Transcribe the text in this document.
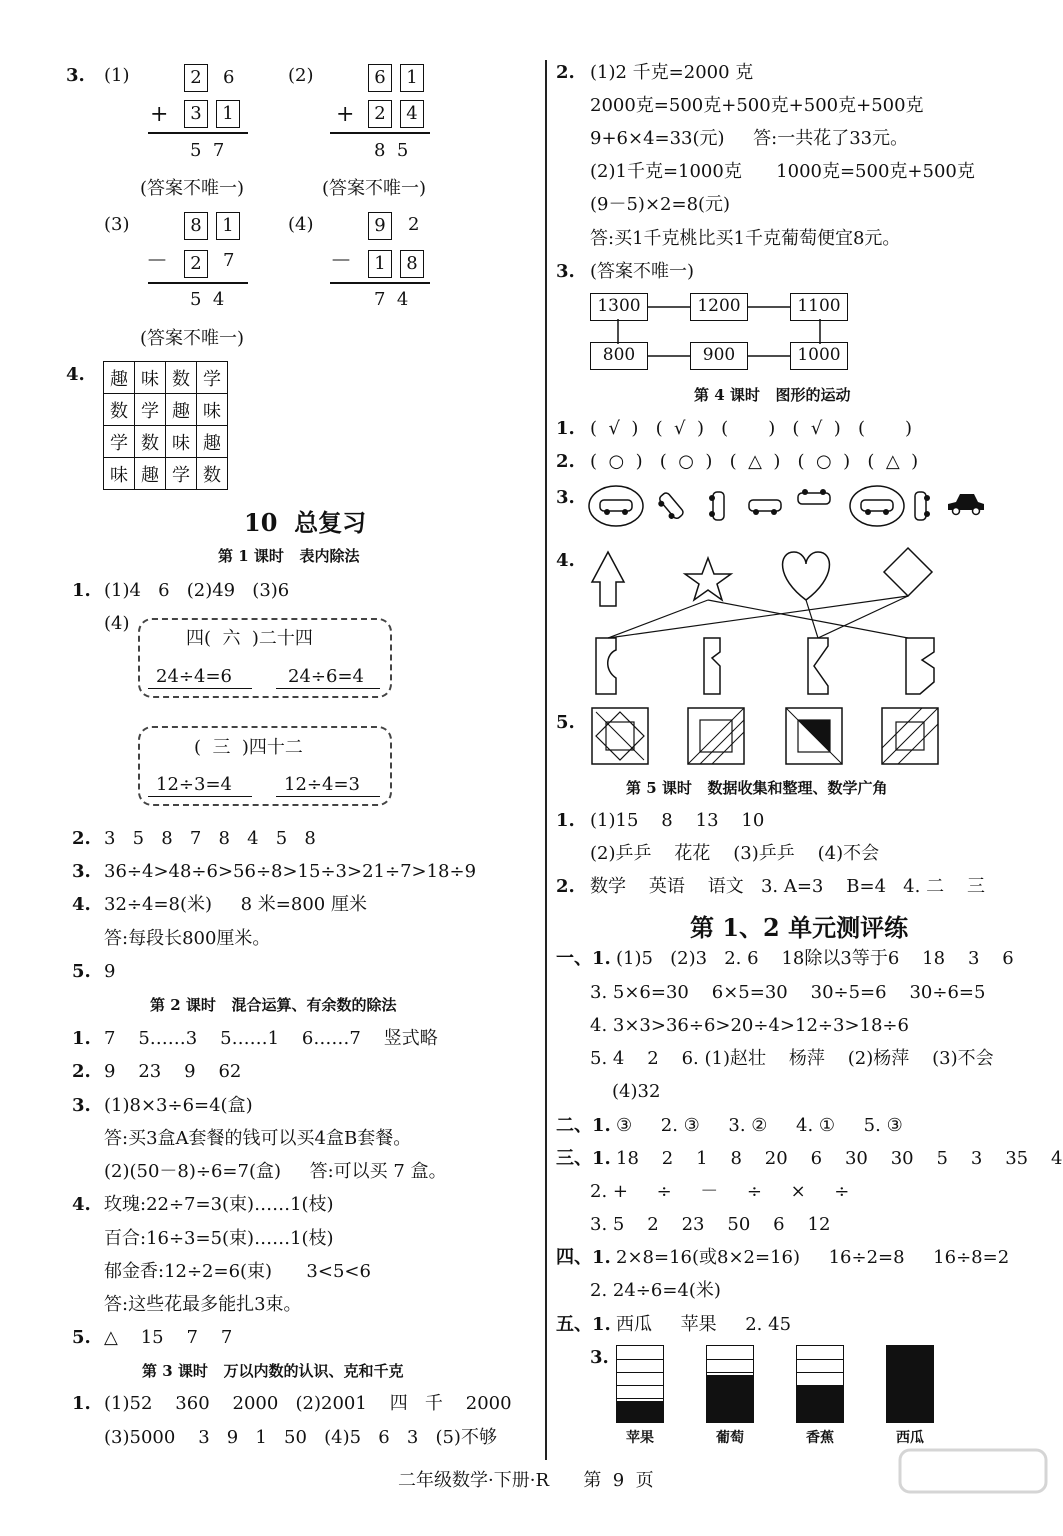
3. (1)	2	6
+	3	1
5  7
(2)	6	1
+	2	4
8  5
(答案不唯一)	(答案不唯一)
(3)	8	1
－	2	7
5  4
(4)	9	2
－	1	8
7  4
(答案不唯一)
4. 趣	味	数	学
数	学	趣	味
学	数	味	趣
味	趣	学	数
10  总复习
第 1 课时   表内除法
1. (1)4   6   (2)49   (3)6
(4)
四(  六  )二十四
24÷4=6	24÷6=4
(  三  )四十二
12÷3=4	12÷4=3
2. 3   5   8   7   8   4   5   8
3. 36÷4>48÷6>56÷8>15÷3>21÷7>18÷9
4. 32÷4=8(米)     8 米=800 厘米
答:每段长800厘米。
5. 9
第 2 课时   混合运算、有余数的除法
1. 7    5……3    5……1    6……7    竖式略
2. 9    23    9    62
3. (1)8×3÷6=4(盒)
答:买3盒A套餐的钱可以买4盒B套餐。
(2)(50－8)÷6=7(盒)     答:可以买 7 盒。
4. 玫瑰:22÷7=3(束)……1(枝)
百合:16÷3=5(束)……1(枝)
郁金香:12÷2=6(束)      3<5<6
答:这些花最多能扎3束。
5. △    15    7    7
第 3 课时   万以内数的认识、克和千克
1. (1)52    360    2000   (2)2001    四   千    2000
(3)5000    3   9   1   50   (4)5   6   3   (5)不够
2. (1)2 千克=2000 克
2000克=500克+500克+500克+500克
9+6×4=33(元)     答:一共花了33元。
(2)1千克=1000克      1000克=500克+500克
(9－5)×2=8(元)
答:买1千克桃比买1千克葡萄便宜8元。
3. (答案不唯一)
1300	1200	1100
800	900	1000
第 4 课时   图形的运动
1. (  √  )   (  √  )   (       )   (  √  )   (       )
2. (  ○  )   (  ○  )   (  △  )   (  ○  )   (  △  )
3.
4.
5.
第 5 课时   数据收集和整理、数学广角
1. (1)15    8    13    10
(2)乒乒    花花    (3)乒乒    (4)不会
2. 数学    英语    语文   3. A=3    B=4   4. 二    三
第 1、2 单元测评练
一、1. (1)5   (2)3   2. 6    18除以3等于6    18    3    6
3. 5×6=30    6×5=30    30÷5=6    30÷6=5
4. 3×3>36÷6>20÷4>12÷3>18÷6
5. 4    2    6. (1)赵壮    杨萍    (2)杨萍    (3)不会
(4)32
二、1. ③     2. ③     3. ②     4. ①     5. ③
三、1. 18    2    1    8    20    6    30    30    5    3    35    4
2. +     ÷     －     ÷     ×     ÷
3. 5    2    23    50    6    12
四、1. 2×8=16(或8×2=16)     16÷2=8     16÷8=2
2. 24÷6=4(米)
五、1. 西瓜     苹果     2. 45
3.
苹果	葡萄	香蕉	西瓜
二年级数学·下册·R      第  9  页
